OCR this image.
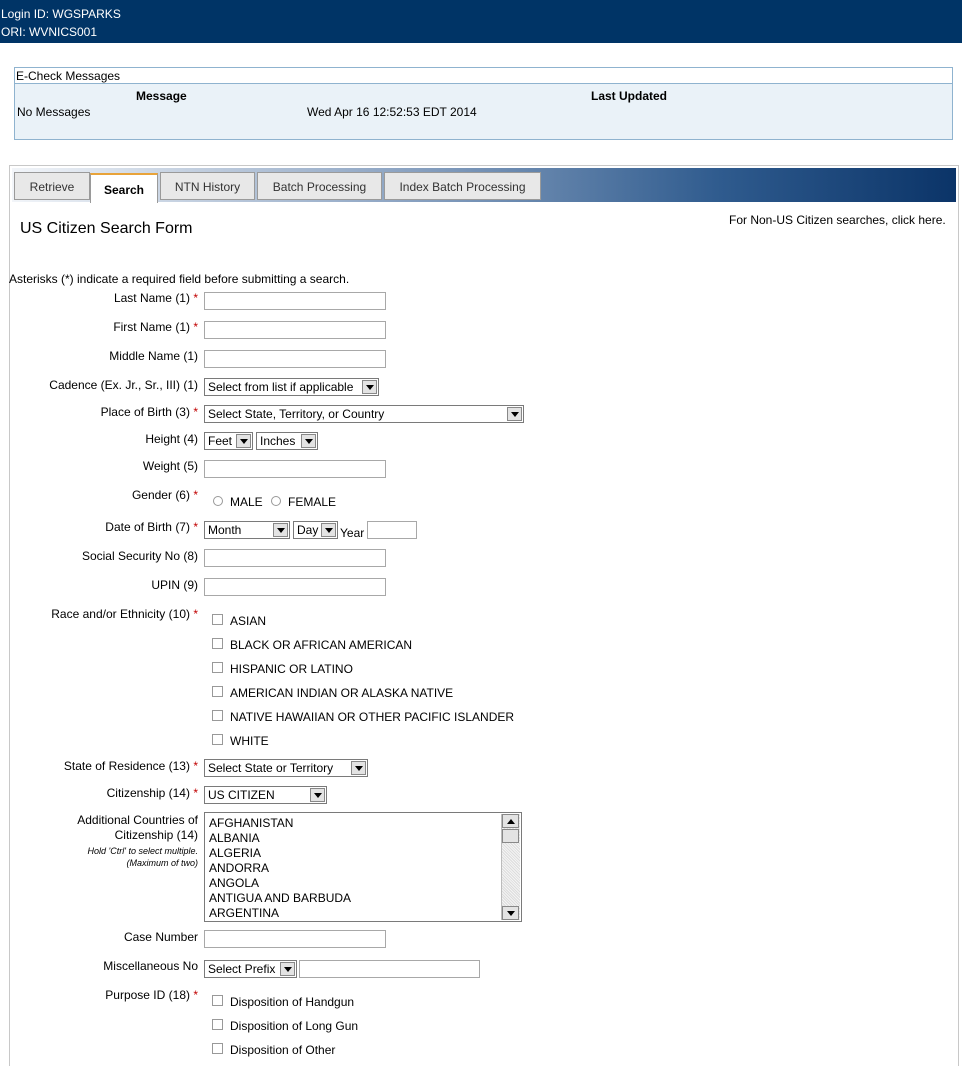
Login ID: WGSPARKS
ORI: WVNICS001
E-Check Messages
Message	Last Updated
No Messages	Wed Apr 16 12:52:53 EDT 2014
Retrieve	Search	NTN History	Batch Processing	Index Batch Processing
For Non-US Citizen searches, click here.
US Citizen Search Form
Asterisks (*) indicate a required field before submitting a search.
Last Name (1) *
First Name (1) *
Middle Name (1)
Cadence (Ex. Jr., Sr., III) (1) Select from list if applicable
Place of Birth (3) * Select State, Territory, or Country
Height (4) Feet	Inches
Weight (5)
Gender (6) *	MALE FEMALE
Date of Birth (7) * Month	Day	Year
Social Security No (8)
UPIN (9)
Race and/or Ethnicity (10) *	ASIAN
BLACK OR AFRICAN AMERICAN
HISPANIC OR LATINO
AMERICAN INDIAN OR ALASKA NATIVE
NATIVE HAWAIIAN OR OTHER PACIFIC ISLANDER
WHITE
State of Residence (13) * Select State or Territory
Citizenship (14) * US CITIZEN
Additional Countries of
Citizenship (14)
Hold 'Ctrl' to select multiple.
(Maximum of two)
AFGHANISTAN
ALBANIA
ALGERIA
ANDORRA
ANGOLA
ANTIGUA AND BARBUDA
ARGENTINA
Case Number
Miscellaneous No Select Prefix
Purpose ID (18) *	Disposition of Handgun
Disposition of Long Gun
Disposition of Other
